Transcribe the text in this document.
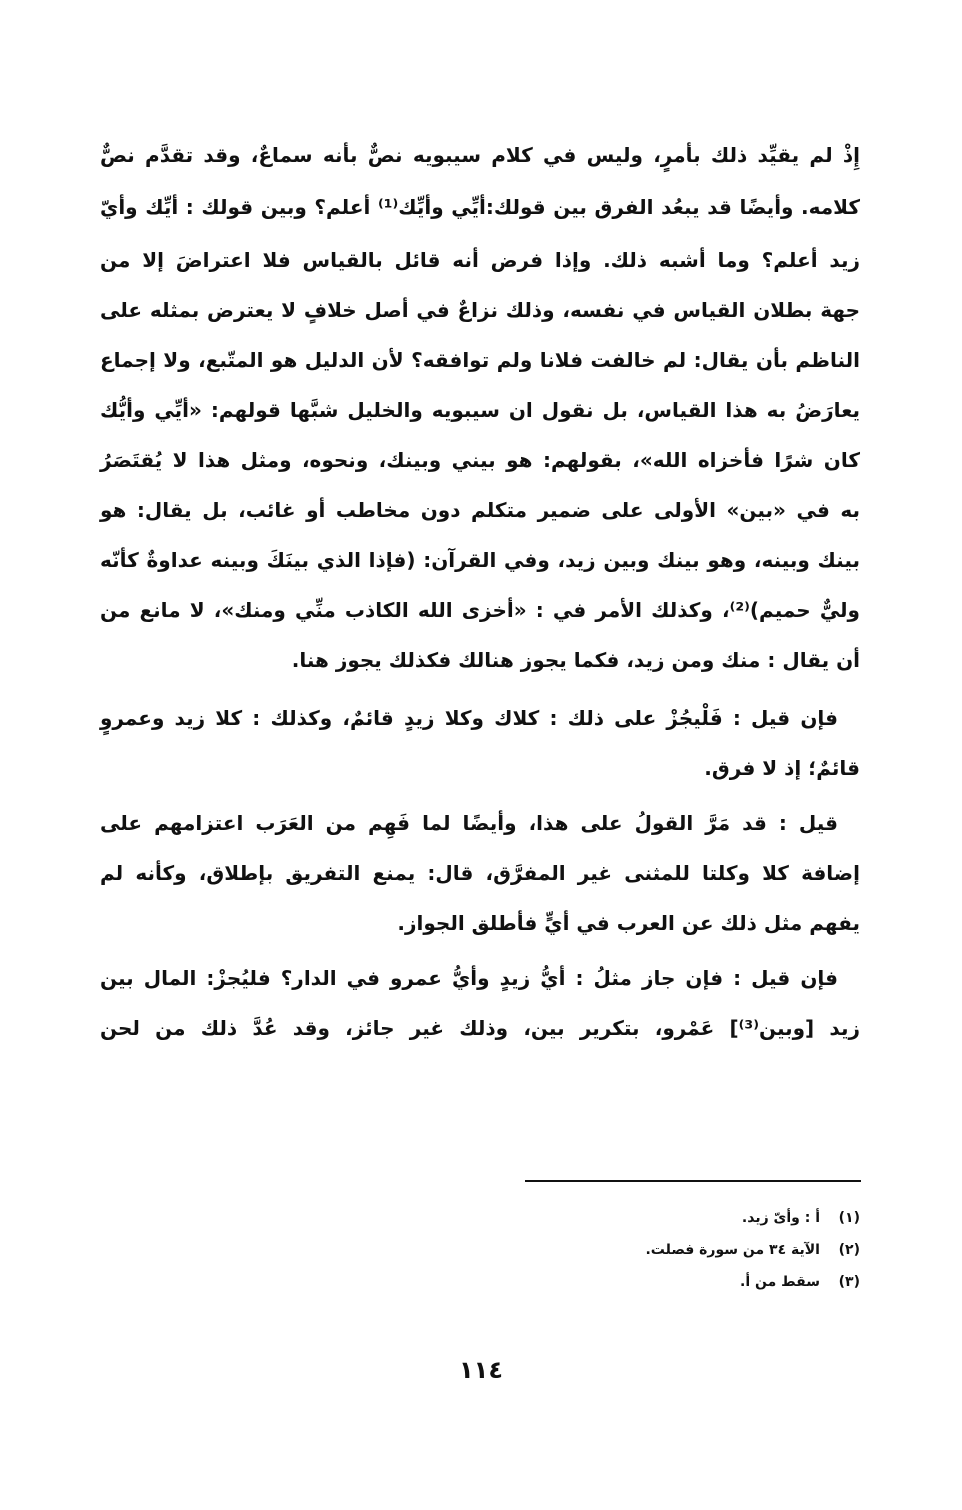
إِذْ لم يقيِّد ذلك بأمرٍ، وليس في كلام سيبويه نصٌّ بأنه سماعٌ، وقد تقدَّم نصٌّ
كلامه. وأيضًا قد يبعُد الفرق بين قولك:أيِّي وأيِّك⁽¹⁾ أعلم؟ وبين قولك : أيِّك وأيّ
زيد أعلم؟ وما أشبه ذلك. وإذا فرض أنه قائل بالقياس فلا اعتراضَ إلا من
جهة بطلان القياس في نفسه، وذلك نزاعٌ في أصل خلافٍ لا يعترض بمثله على
الناظم بأن يقال: لم خالفت فلانا ولم توافقه؟ لأن الدليل هو المتّبع، ولا إجماع
يعارَضُ به هذا القياس، بل نقول ان سيبويه والخليل شبَّها قولهم: «أيِّي وأيُّك
كان شرًا فأخزاه الله»، بقولهم: هو بيني وبينك، ونحوه، ومثل هذا لا يُقتَصَرُ
به في «بين» الأولى على ضمير متكلم دون مخاطب أو غائب، بل يقال: هو
بينك وبينه، وهو بينك وبين زيد، وفي القرآن: (فإذا الذي بينَكَ وبينه عداوةٌ كأنّه
وليٌّ حميم)⁽²⁾، وكذلك الأمر في : «أخزى الله الكاذب منِّي ومنك»، لا مانع من
أن يقال : منك ومن زيد، فكما يجوز هنالك فكذلك يجوز هنا.
فإن قيل : فَلْيجُزْ على ذلك : كلاك وكلا زيدٍ قائمٌ، وكذلك : كلا زيد وعمروٍ
قائمٌ؛ إذ لا فرق.
قيل : قد مَرَّ القولُ على هذا، وأيضًا لما فَهِم من العَرَب اعتزامهم على
إضافة كلا وكلتا للمثنى غير المفرَّق، قال: يمنع التفريق بإطلاق، وكأنه لم
يفهم مثل ذلك عن العرب في أيٍّ فأطلق الجواز.
فإن قيل : فإن جاز مثلُ : أيُّ زيدٍ وأيُّ عمرو في الدار؟ فليُجزْ: المال بين
زيد [وبين⁽³⁾] عَمْرو، بتكرير بين، وذلك غير جائز، وقد عُدَّ ذلك من لحن
(١)أ : وأىّ زيد.
(٢)الآية ٣٤ من سورة فصلت.
(٣)سقط من أ.
١١٤
